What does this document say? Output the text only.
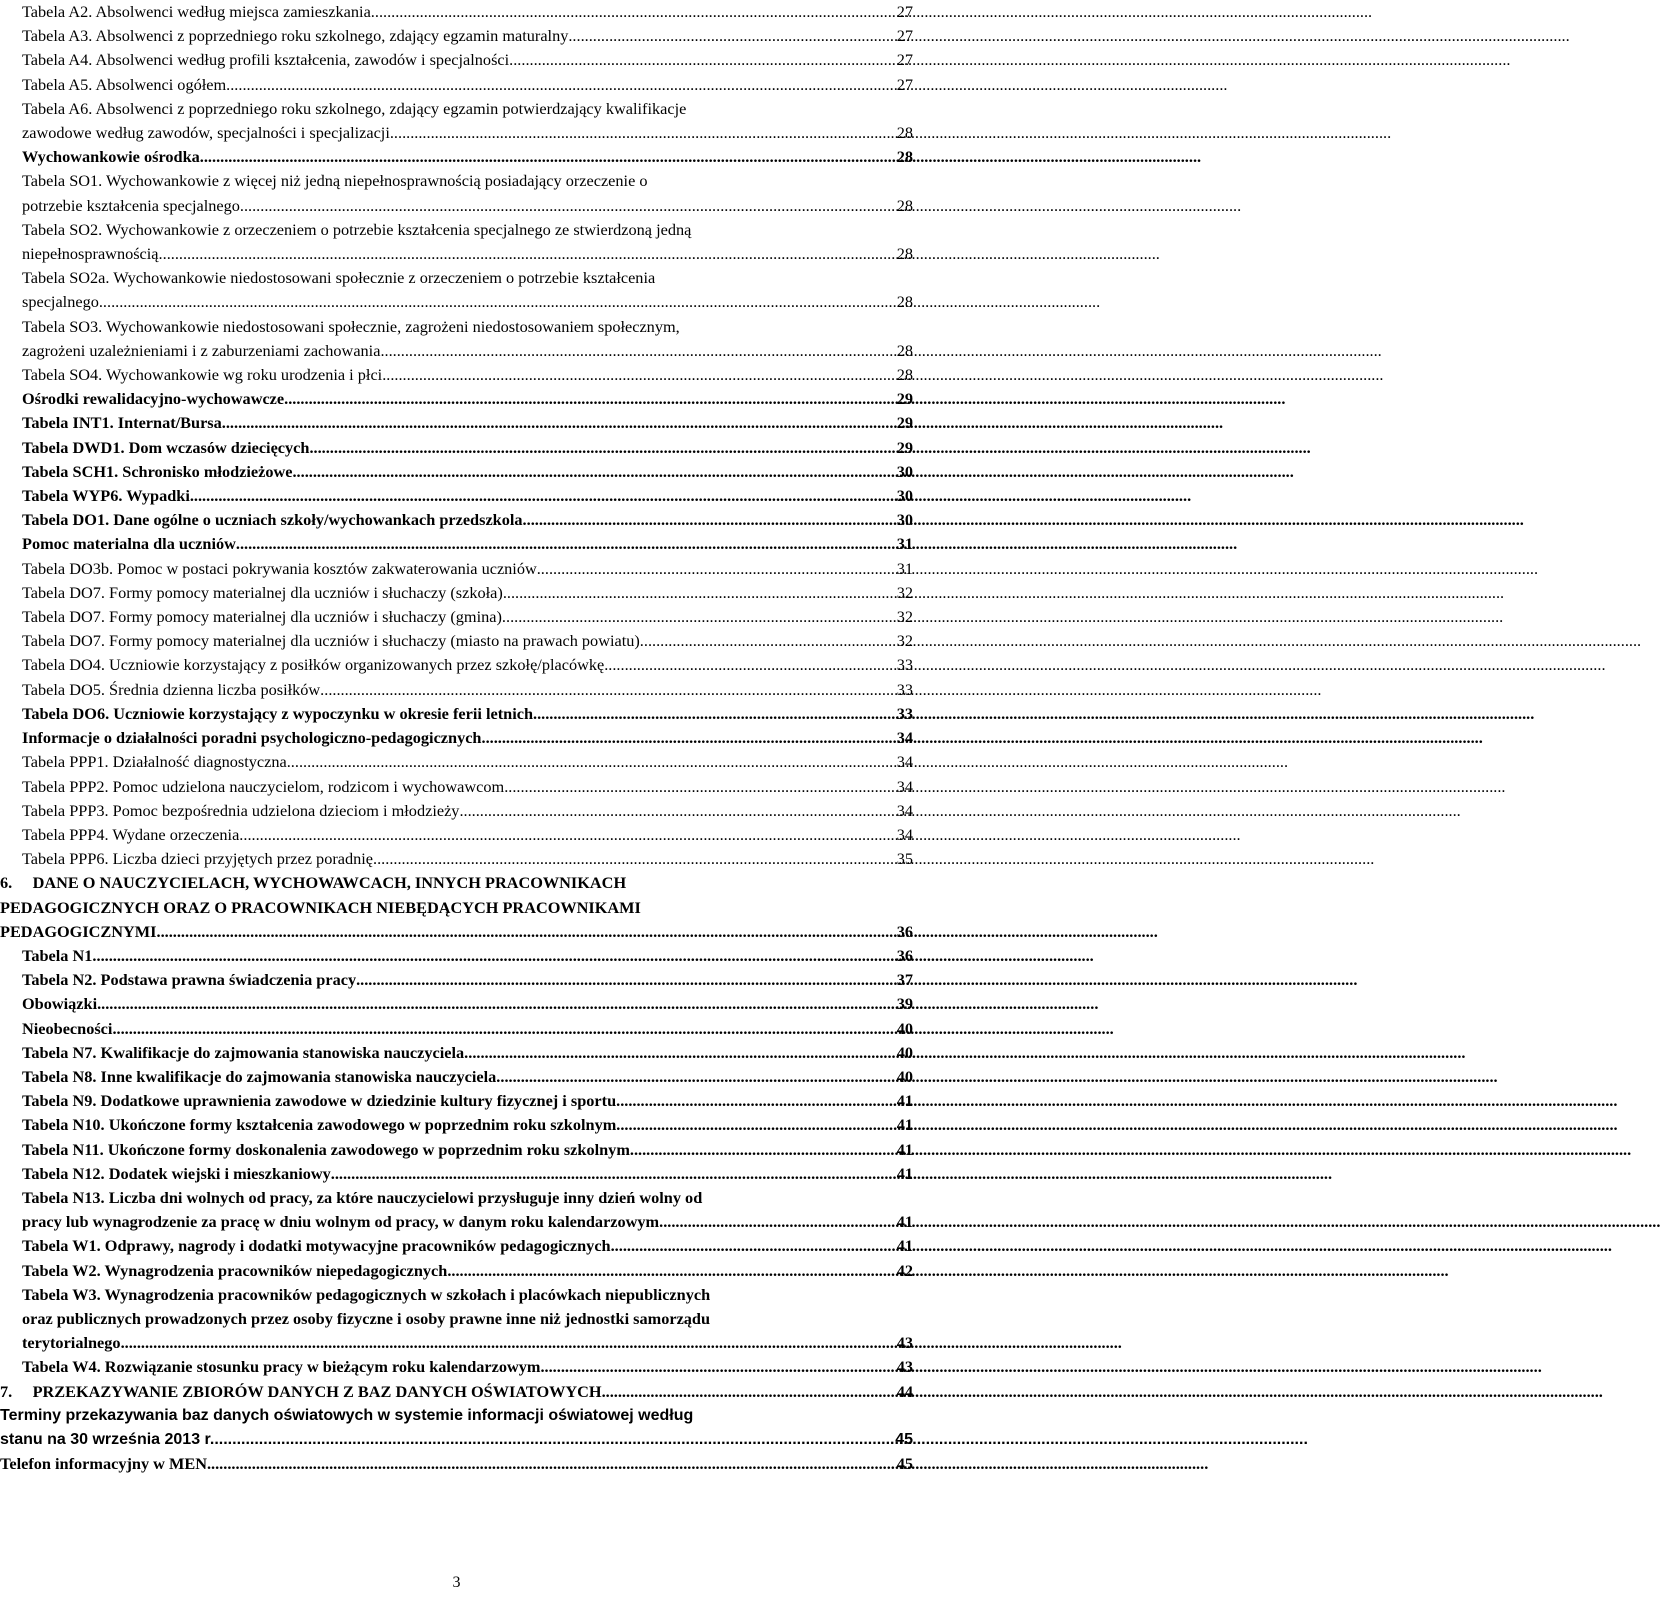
Tabela A2. Absolwenci według miejsca zamieszkania .....	27
Tabela A3. Absolwenci z poprzedniego roku szkolnego, zdający egzamin maturalny .....	27
Tabela A4. Absolwenci według profili kształcenia, zawodów i specjalności .....	27
Tabela A5. Absolwenci ogółem .....	27
Tabela A6. Absolwenci z poprzedniego roku szkolnego, zdający egzamin potwierdzający kwalifikacje
zawodowe według zawodów, specjalności i specjalizacji .....	28
Wychowankowie ośrodka .....	28
Tabela SO1. Wychowankowie z więcej niż jedną niepełnosprawnością posiadający orzeczenie o
potrzebie kształcenia specjalnego .....	28
Tabela SO2. Wychowankowie z orzeczeniem o potrzebie kształcenia specjalnego ze stwierdzoną jedną
niepełnosprawnością .....	28
Tabela SO2a. Wychowankowie niedostosowani społecznie z orzeczeniem o potrzebie kształcenia
specjalnego .....	28
Tabela SO3. Wychowankowie niedostosowani społecznie, zagrożeni niedostosowaniem społecznym,
zagrożeni uzależnieniami i z zaburzeniami zachowania .....	28
Tabela SO4. Wychowankowie wg roku urodzenia i płci .....	28
Ośrodki rewalidacyjno-wychowawcze .....	29
Tabela INT1. Internat/Bursa .....	29
Tabela DWD1. Dom wczasów dziecięcych .....	29
Tabela SCH1. Schronisko młodzieżowe .....	30
Tabela WYP6. Wypadki .....	30
Tabela DO1. Dane ogólne o uczniach szkoły/wychowankach przedszkola .....	30
Pomoc materialna dla uczniów .....	31
Tabela DO3b. Pomoc w postaci pokrywania kosztów zakwaterowania uczniów .....	31
Tabela DO7. Formy pomocy materialnej dla uczniów i słuchaczy (szkoła) .....	32
Tabela DO7. Formy pomocy materialnej dla uczniów i słuchaczy (gmina) .....	32
Tabela DO7. Formy pomocy materialnej dla uczniów i słuchaczy (miasto na prawach powiatu) .....	32
Tabela DO4. Uczniowie korzystający z posiłków organizowanych przez szkołę/placówkę .....	33
Tabela DO5. Średnia dzienna liczba posiłków .....	33
Tabela DO6. Uczniowie korzystający z wypoczynku w okresie ferii letnich .....	33
Informacje o działalności poradni psychologiczno-pedagogicznych .....	34
Tabela PPP1. Działalność diagnostyczna .....	34
Tabela PPP2. Pomoc udzielona nauczycielom, rodzicom i wychowawcom .....	34
Tabela PPP3. Pomoc bezpośrednia udzielona dzieciom i młodzieży .....	34
Tabela PPP4. Wydane orzeczenia .....	34
Tabela PPP6. Liczba dzieci przyjętych przez poradnię .....	35
6.     DANE O NAUCZYCIELACH, WYCHOWAWCACH, INNYCH PRACOWNIKACH
PEDAGOGICZNYCH ORAZ O PRACOWNIKACH NIEBĘDĄCYCH PRACOWNIKAMI
PEDAGOGICZNYMI .....	36
Tabela N1 .....	36
Tabela N2. Podstawa prawna świadczenia pracy .....	37
Obowiązki .....	39
Nieobecności .....	40
Tabela N7. Kwalifikacje do zajmowania stanowiska nauczyciela .....	40
Tabela N8. Inne kwalifikacje do zajmowania stanowiska nauczyciela .....	40
Tabela N9. Dodatkowe uprawnienia zawodowe w dziedzinie kultury fizycznej i sportu .....	41
Tabela N10. Ukończone formy kształcenia zawodowego w poprzednim roku szkolnym .....	41
Tabela N11. Ukończone formy doskonalenia zawodowego w poprzednim roku szkolnym .....	41
Tabela N12. Dodatek wiejski i mieszkaniowy .....	41
Tabela N13. Liczba dni wolnych od pracy, za które nauczycielowi przysługuje inny dzień wolny od
pracy lub wynagrodzenie za pracę w dniu wolnym od pracy, w danym roku kalendarzowym .....	41
Tabela W1. Odprawy, nagrody i dodatki motywacyjne pracowników pedagogicznych .....	41
Tabela W2. Wynagrodzenia pracowników niepedagogicznych .....	42
Tabela W3. Wynagrodzenia pracowników pedagogicznych w szkołach i placówkach niepublicznych
oraz publicznych prowadzonych przez osoby fizyczne i osoby prawne inne niż jednostki samorządu
terytorialnego .....	43
Tabela W4. Rozwiązanie stosunku pracy w bieżącym roku kalendarzowym .....	43
7.     PRZEKAZYWANIE ZBIORÓW DANYCH Z BAZ DANYCH OŚWIATOWYCH .....	44
Terminy przekazywania baz danych oświatowych w systemie informacji oświatowej według
stanu na 30 września 2013 r. .....	45
Telefon informacyjny w MEN .....	45
3
